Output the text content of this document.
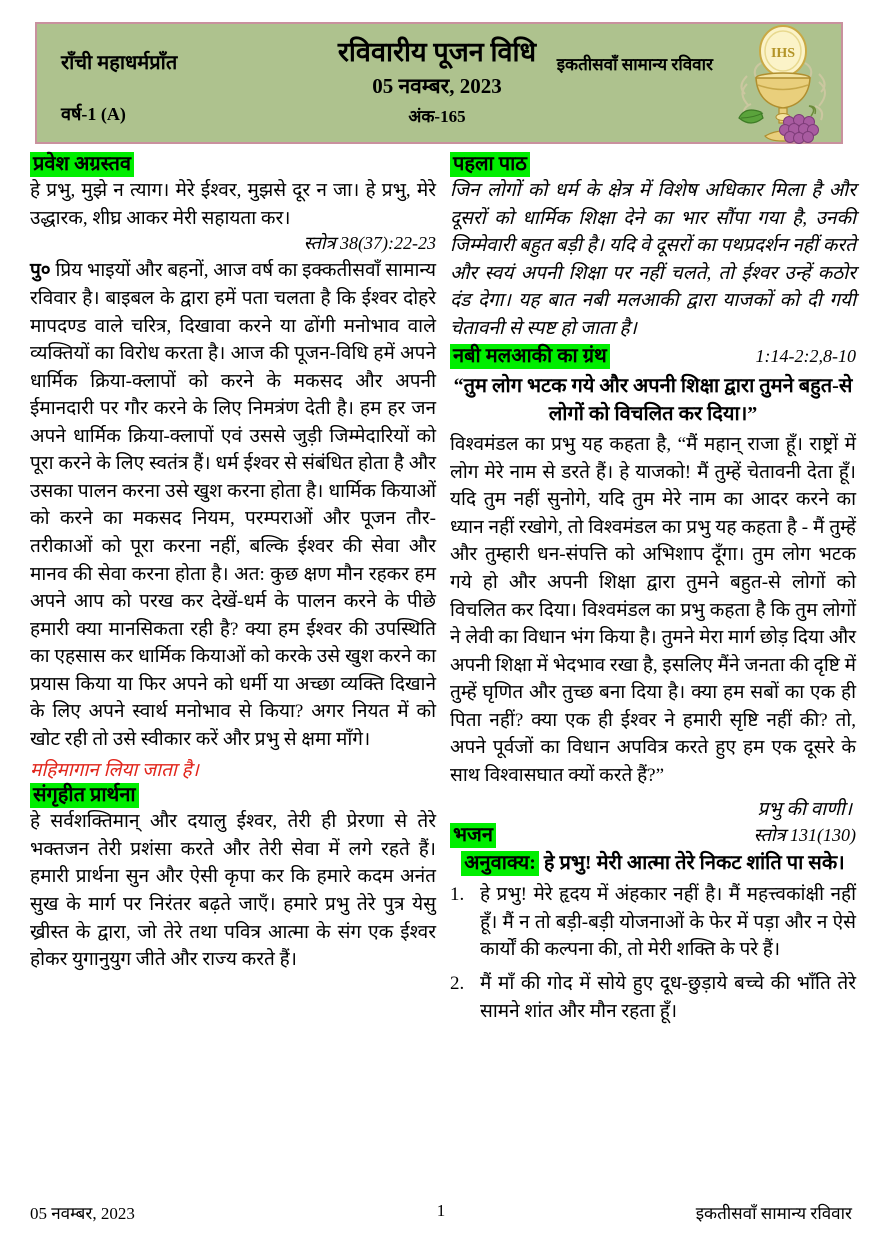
राँची महाधर्मप्राँत
वर्ष-1 (A)
रविवारीय पूजन विधि
05 नवम्बर, 2023
अंक-165
इकतीसवाँ सामान्य रविवार
IHS
प्रवेश अग्रस्तव

हे प्रभु, मुझे न त्याग। मेरे ईश्वर, मुझसे दूर न जा। हे प्रभु, मेरे उद्धारक, शीघ्र आकर मेरी सहायता कर।

स्तोत्र 38(37):22-23

पु० प्रिय भाइयों और बहनों, आज वर्ष का इक्कतीसवाँ सामान्य रविवार है। बाइबल के द्वारा हमें पता चलता है कि ईश्वर दोहरे मापदण्ड वाले चरित्र, दिखावा करने या ढोंगी मनोभाव वाले व्यक्तियों का विरोध करता है। आज की पूजन-विधि हमें अपने धार्मिक क्रिया-क्लापों को करने के मकसद और अपनी ईमानदारी पर गौर करने के लिए निमत्रंण देती है। हम हर जन अपने धार्मिक क्रिया-क्लापों एवं उससे जुड़ी जिम्मेदारियों को पूरा करने के लिए स्वतंत्र हैं। धर्म ईश्वर से संबंधित होता है और उसका पालन करना उसे खुश करना होता है। धार्मिक कियाओं को करने का मकसद नियम, परम्पराओं और पूजन तौर-तरीकाओं को पूरा करना नहीं, बल्कि ईश्वर की सेवा और मानव की सेवा करना होता है। अत: कुछ क्षण मौन रहकर हम अपने आप को परख कर देखें-धर्म के पालन करने के पीछे हमारी क्या मानसिकता रही है? क्या हम ईश्वर की उपस्थिति का एहसास कर धार्मिक कियाओं को करके उसे खुश करने का प्रयास किया या फिर अपने को धर्मी या अच्छा व्यक्ति दिखाने के लिए अपने स्वार्थ मनोभाव से किया? अगर नियत में को खोट रही तो उसे स्वीकार करें और प्रभु से क्षमा माँगे।

महिमागान लिया जाता है।
संगृहीत प्रार्थना

हे सर्वशक्तिमान् और दयालु ईश्वर, तेरी ही प्रेरणा से तेरे भक्तजन तेरी प्रशंसा करते और तेरी सेवा में लगे रहते हैं। हमारी प्रार्थना सुन और ऐसी कृपा कर कि हमारे कदम अनंत सुख के मार्ग पर निरंतर बढ़ते जाएँ। हमारे प्रभु तेरे पुत्र येसु ख्रीस्त के द्वारा, जो तेरे तथा पवित्र आत्मा के संग एक ईश्वर होकर युगानुयुग जीते और राज्य करते हैं।

पहला पाठ

जिन लोगों को धर्म के क्षेत्र में विशेष अधिकार मिला है और दूसरों को धार्मिक शिक्षा देने का भार सौंपा गया है, उनकी जिम्मेवारी बहुत बड़ी है। यदि वे दूसरों का पथप्रदर्शन नहीं करते और स्वयं अपनी शिक्षा पर नहीं चलते, तो ईश्वर उन्हें कठोर दंड देगा। यह बात नबी मलआकी द्वारा याजकों को दी गयी चेतावनी से स्पष्ट हो जाता है।

नबी मलआकी का ग्रंथ	1:14-2:2,8-10
“तुम लोग भटक गये और अपनी शिक्षा द्वारा तुमने बहुत-से लोगों को विचलित कर दिया।”

विश्वमंडल का प्रभु यह कहता है, “मैं महान् राजा हूँ। राष्ट्रों में लोग मेरे नाम से डरते हैं। हे याजको! मैं तुम्हें चेतावनी देता हूँ। यदि तुम नहीं सुनोगे, यदि तुम मेरे नाम का आदर करने का ध्यान नहीं रखोगे, तो विश्वमंडल का प्रभु यह कहता है - मैं तुम्हें और तुम्हारी धन-संपत्ति को अभिशाप दूँगा। तुम लोग भटक गये हो और अपनी शिक्षा द्वारा तुमने बहुत-से लोगों को विचलित कर दिया। विश्वमंडल का प्रभु कहता है कि तुम लोगों ने लेवी का विधान भंग किया है। तुमने मेरा मार्ग छोड़ दिया और अपनी शिक्षा में भेदभाव रखा है, इसलिए मैंने जनता की दृष्टि में तुम्हें घृणित और तुच्छ बना दिया है। क्या हम सबों का एक ही पिता नहीं? क्या एक ही ईश्वर ने हमारी सृष्टि नहीं की? तो, अपने पूर्वजों का विधान अपवित्र करते हुए हम एक दूसरे के साथ विश्वासघात क्यों करते हैं?”

प्रभु की वाणी।
भजन	स्तोत्र 131(130)
अनुवाक्य: हे प्रभु! मेरी आत्मा तेरे निकट शांति पा सके।
1. हे प्रभु! मेरे हृदय में अंहकार नहीं है। मैं महत्त्वकांक्षी नहीं हूँ। मैं न तो बड़ी-बड़ी योजनाओं के फेर में पड़ा और न ऐसे कार्यों की कल्पना की, तो मेरी शक्ति के परे हैं।
2. मैं माँ की गोद में सोये हुए दूध-छुड़ाये बच्चे की भाँति तेरे सामने शांत और मौन रहता हूँ।
05 नवम्बर, 2023	1	इकतीसवाँ सामान्य रविवार
